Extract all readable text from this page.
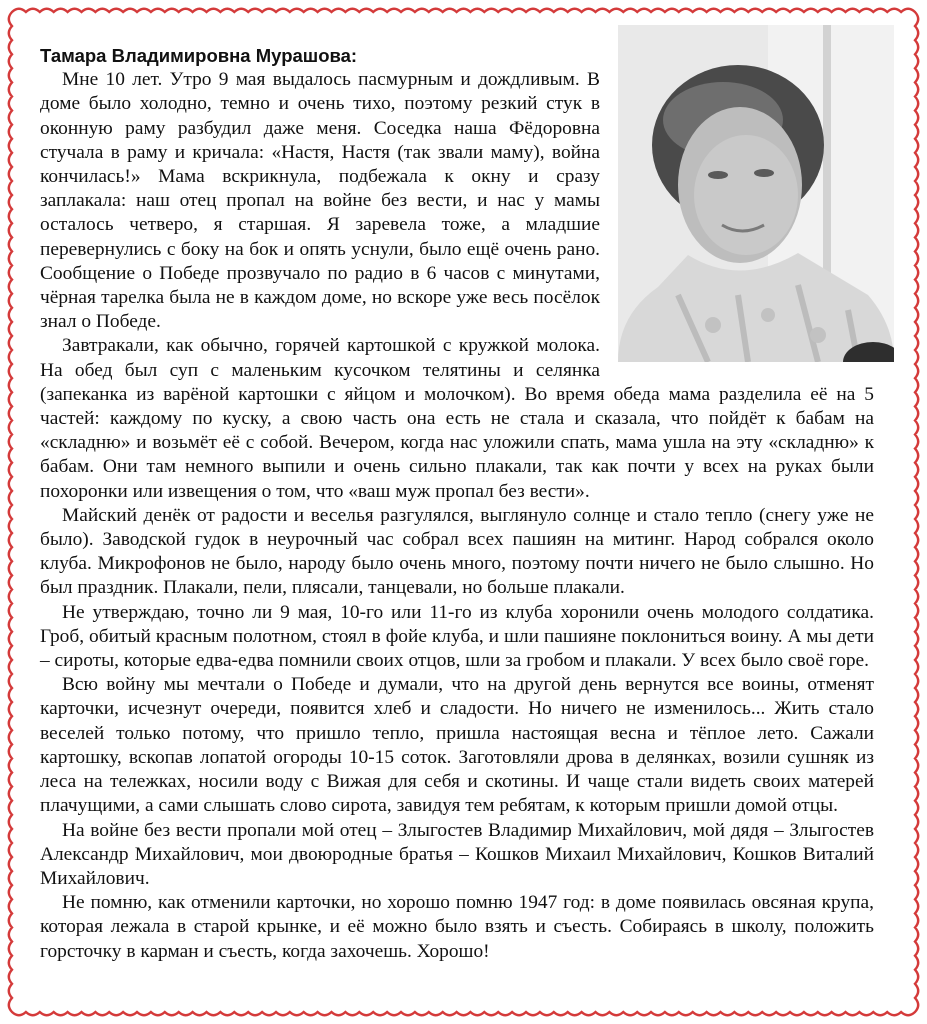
Тамара Владимировна Мурашова:

Мне 10 лет. Утро 9 мая выдалось пасмурным и дождливым. В доме было холодно, темно и очень тихо, поэтому резкий стук в оконную раму разбудил даже меня. Соседка наша Фёдоровна стучала в раму и кричала: «Настя, Настя (так звали маму), война кончилась!» Мама вскрикнула, подбежала к окну и сразу заплакала: наш отец пропал на войне без вести, и нас у мамы осталось четверо, я старшая. Я заревела тоже, а младшие перевернулись с боку на бок и опять уснули, было ещё очень рано. Сообщение о Победе прозвучало по радио в 6 часов с минутами, чёрная тарелка была не в каждом доме, но вскоре уже весь посёлок знал о Победе.

Завтракали, как обычно, горячей картошкой с кружкой молока. На обед был суп с маленьким кусочком телятины и селянка (запеканка из варёной картошки с яйцом и молочком). Во время обеда мама разделила её на 5 частей: каждому по куску, а свою часть она есть не стала и сказала, что пойдёт к бабам на «складню» и возьмёт её с собой. Вечером, когда нас уложили спать, мама ушла на эту «складню» к бабам. Они там немного выпили и очень сильно плакали, так как почти у всех на руках были похоронки или извещения о том, что «ваш муж пропал без вести».

Майский денёк от радости и веселья разгулялся, выглянуло солнце и стало тепло (снегу уже не было). Заводской гудок в неурочный час собрал всех пашиян на митинг. Народ собрался около клуба. Микрофонов не было, народу было очень много, поэтому почти ничего не было слышно. Но был праздник. Плакали, пели, плясали, танцевали, но больше плакали.

Не утверждаю, точно ли 9 мая, 10-го или 11-го из клуба хоронили очень молодого солдатика. Гроб, обитый красным полотном, стоял в фойе клуба, и шли пашияне поклониться воину. А мы дети – сироты, которые едва-едва помнили своих отцов, шли за гробом и плакали. У всех было своё горе.

Всю войну мы мечтали о Победе и думали, что на другой день вернутся все воины, отменят карточки, исчезнут очереди, появится хлеб и сладости. Но ничего не изменилось... Жить стало веселей только потому, что пришло тепло, пришла настоящая весна и тёплое лето. Сажали картошку, вскопав лопатой огороды 10-15 соток. Заготовляли дрова в делянках, возили сушняк из леса на тележках, носили воду с Вижая для себя и скотины. И чаще стали видеть своих матерей плачущими, а сами слышать слово сирота, завидуя тем ребятам, к которым пришли домой отцы.

На войне без вести пропали мой отец – Злыгостев Владимир Михайлович, мой дядя – Злыгостев Александр Михайлович, мои двоюродные братья – Кошков Михаил Михайлович, Кошков Виталий Михайлович.

Не помню, как отменили карточки, но хорошо помню 1947 год: в доме появилась овсяная крупа, которая лежала в старой крынке, и её можно было взять и съесть. Собираясь в школу, положить горсточку в карман и съесть, когда захочешь. Хорошо!
